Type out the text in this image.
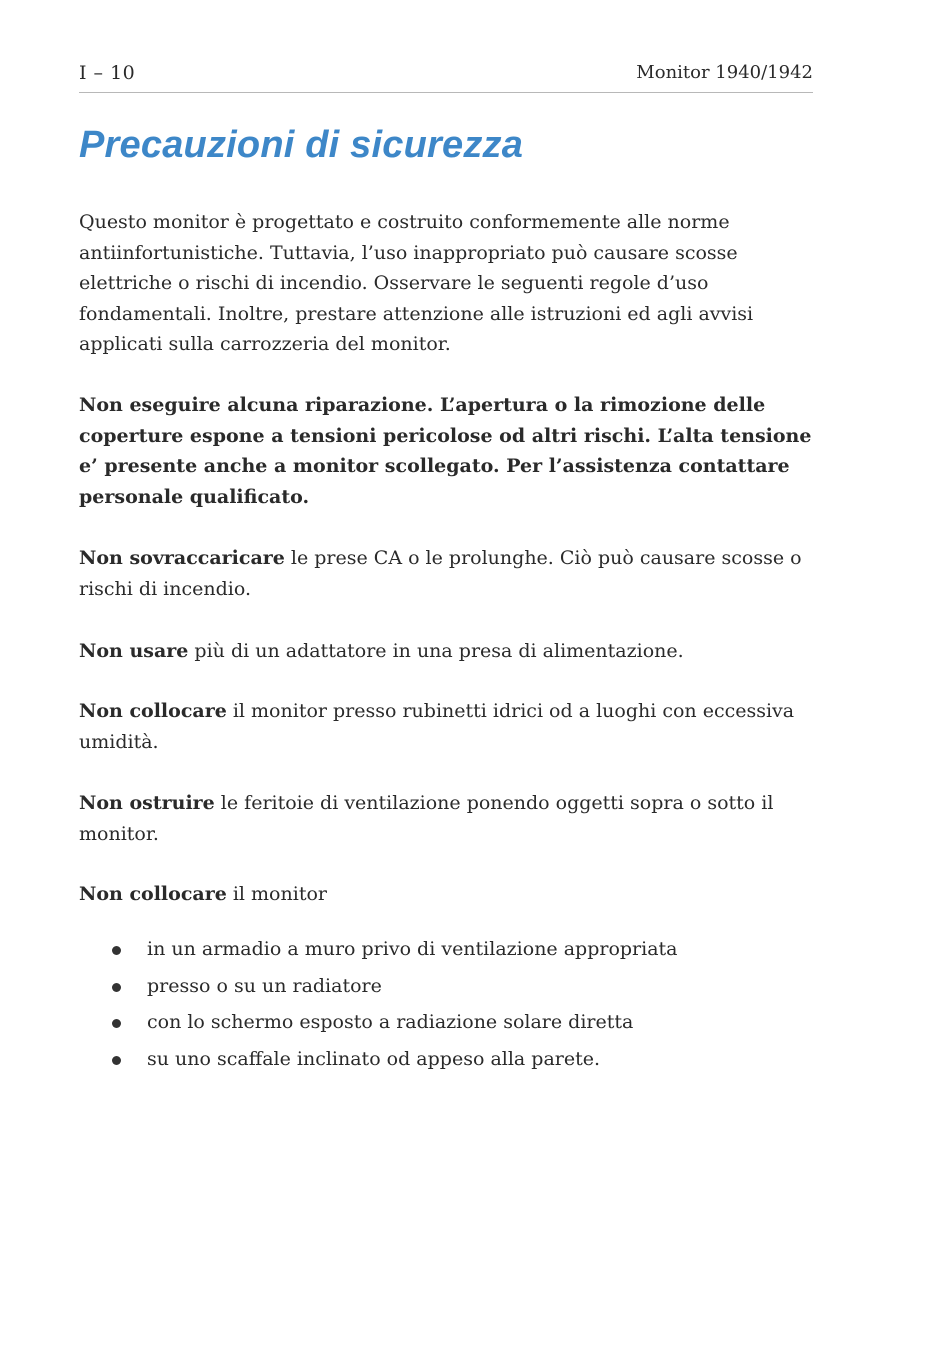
I – 10	Monitor 1940/1942
Precauzioni di sicurezza

Questo monitor è progettato e costruito conformemente alle norme antiinfortunistiche. Tuttavia, l’uso inappropriato può causare scosse elettriche o rischi di incendio. Osservare le seguenti regole d’uso fondamentali. Inoltre, prestare attenzione alle istruzioni ed agli avvisi applicati sulla carrozzeria del monitor.

Non eseguire alcuna riparazione. L’apertura o la rimozione delle coperture espone a tensioni pericolose od altri rischi. L’alta tensione e’ presente anche a monitor scollegato. Per l’assistenza contattare personale qualificato.

Non sovraccaricare le prese CA o le prolunghe. Ciò può causare scosse o rischi di incendio.

Non usare più di un adattatore in una presa di alimentazione.

Non collocare il monitor presso rubinetti idrici od a luoghi con eccessiva umidità.

Non ostruire le feritoie di ventilazione ponendo oggetti sopra o sotto il monitor.

Non collocare il monitor

in un armadio a muro privo di ventilazione appropriata
presso o su un radiatore
con lo schermo esposto a radiazione solare diretta
su uno scaffale inclinato od appeso alla parete.
